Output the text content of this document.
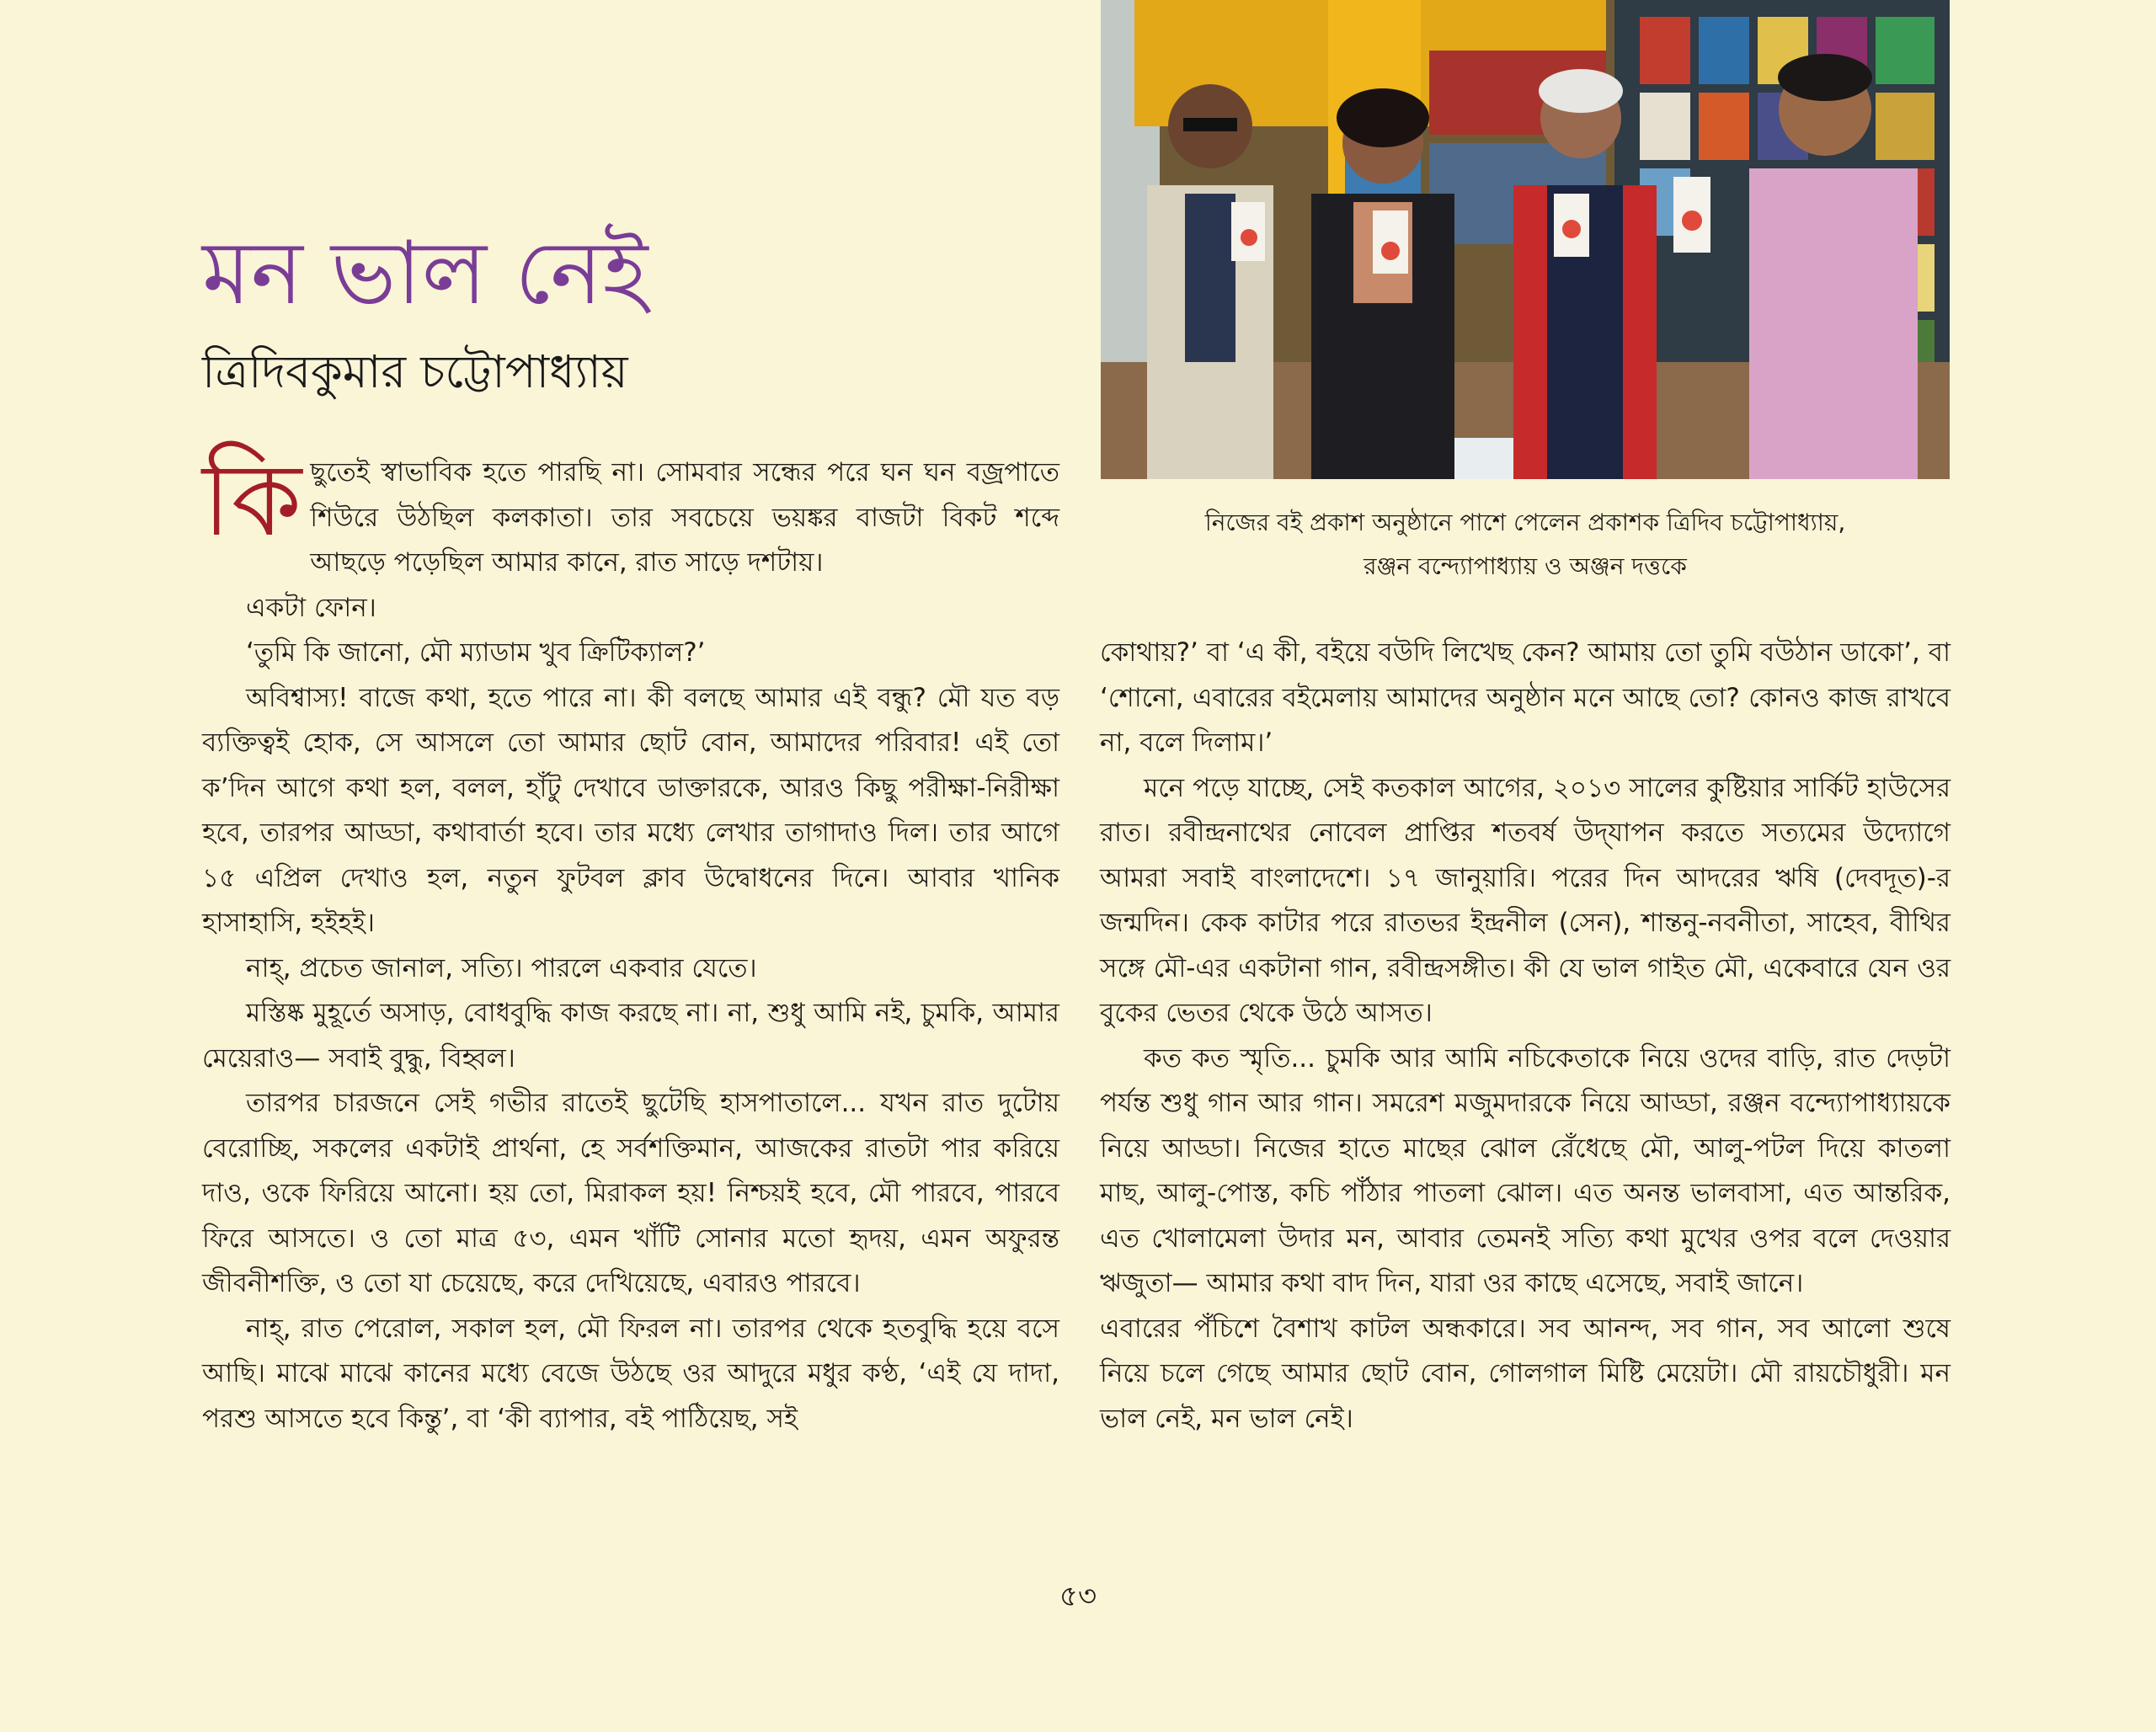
মন ভাল নেই
ত্রিদিবকুমার চট্টোপাধ্যায়

কিছুতেই স্বাভাবিক হতে পারছি না। সোমবার সন্ধের পরে ঘন ঘন বজ্রপাতে শিউরে উঠছিল কলকাতা। তার সবচেয়ে ভয়ঙ্কর বাজটা বিকট শব্দে আছড়ে পড়েছিল আমার কানে, রাত সাড়ে দশটায়।

একটা ফোন।

‘তুমি কি জানো, মৌ ম্যাডাম খুব ক্রিটিক্যাল?’

অবিশ্বাস্য! বাজে কথা, হতে পারে না। কী বলছে আমার এই বন্ধু? মৌ যত বড় ব্যক্তিত্বই হোক, সে আসলে তো আমার ছোট বোন, আমাদের পরিবার! এই তো ক’দিন আগে কথা হল, বলল, হাঁটু দেখাবে ডাক্তারকে, আরও কিছু পরীক্ষা-নিরীক্ষা হবে, তারপর আড্ডা, কথাবার্তা হবে। তার মধ্যে লেখার তাগাদাও দিল। তার আগে ১৫ এপ্রিল দেখাও হল, নতুন ফুটবল ক্লাব উদ্বোধনের দিনে। আবার খানিক হাসাহাসি, হইহই।

নাহ্, প্রচেত জানাল, সত্যি। পারলে একবার যেতে।

মস্তিষ্ক মুহূর্তে অসাড়, বোধবুদ্ধি কাজ করছে না। না, শুধু আমি নই, চুমকি, আমার মেয়েরাও— সবাই বুদ্ধু, বিহ্বল।

তারপর চারজনে সেই গভীর রাতেই ছুটেছি হাসপাতালে... যখন রাত দুটোয় বেরোচ্ছি, সকলের একটাই প্রার্থনা, হে সর্বশক্তিমান, আজকের রাতটা পার করিয়ে দাও, ওকে ফিরিয়ে আনো। হয় তো, মিরাকল হয়! নিশ্চয়ই হবে, মৌ পারবে, পারবে ফিরে আসতে। ও তো মাত্র ৫৩, এমন খাঁটি সোনার মতো হৃদয়, এমন অফুরন্ত জীবনীশক্তি, ও তো যা চেয়েছে, করে দেখিয়েছে, এবারও পারবে।

নাহ্, রাত পেরোল, সকাল হল, মৌ ফিরল না। তারপর থেকে হতবুদ্ধি হয়ে বসে আছি। মাঝে মাঝে কানের মধ্যে বেজে উঠছে ওর আদুরে মধুর কণ্ঠ, ‘এই যে দাদা, পরশু আসতে হবে কিন্তু’, বা ‘কী ব্যাপার, বই পাঠিয়েছ, সই

নিজের বই প্রকাশ অনুষ্ঠানে পাশে পেলেন প্রকাশক ত্রিদিব চট্টোপাধ্যায়,
রঞ্জন বন্দ্যোপাধ্যায় ও অঞ্জন দত্তকে

কোথায়?’ বা ‘এ কী, বইয়ে বউদি লিখেছ কেন? আমায় তো তুমি বউঠান ডাকো’, বা ‘শোনো, এবারের বইমেলায় আমাদের অনুষ্ঠান মনে আছে তো? কোনও কাজ রাখবে না, বলে দিলাম।’

মনে পড়ে যাচ্ছে, সেই কতকাল আগের, ২০১৩ সালের কুষ্টিয়ার সার্কিট হাউসের রাত। রবীন্দ্রনাথের নোবেল প্রাপ্তির শতবর্ষ উদ্‌যাপন করতে সত্যমের উদ্যোগে আমরা সবাই বাংলাদেশে। ১৭ জানুয়ারি। পরের দিন আদরের ঋষি (দেবদূত)-র জন্মদিন। কেক কাটার পরে রাতভর ইন্দ্রনীল (সেন), শান্তনু-নবনীতা, সাহেব, বীথির সঙ্গে মৌ-এর একটানা গান, রবীন্দ্রসঙ্গীত। কী যে ভাল গাইত মৌ, একেবারে যেন ওর বুকের ভেতর থেকে উঠে আসত।

কত কত স্মৃতি... চুমকি আর আমি নচিকেতাকে নিয়ে ওদের বাড়ি, রাত দেড়টা পর্যন্ত শুধু গান আর গান। সমরেশ মজুমদারকে নিয়ে আড্ডা, রঞ্জন বন্দ্যোপাধ্যায়কে নিয়ে আড্ডা। নিজের হাতে মাছের ঝোল রেঁধেছে মৌ, আলু-পটল দিয়ে কাতলা মাছ, আলু-পোস্ত, কচি পাঁঠার পাতলা ঝোল। এত অনন্ত ভালবাসা, এত আন্তরিক, এত খোলামেলা উদার মন, আবার তেমনই সত্যি কথা মুখের ওপর বলে দেওয়ার ঋজুতা— আমার কথা বাদ দিন, যারা ওর কাছে এসেছে, সবাই জানে।

এবারের পঁচিশে বৈশাখ কাটল অন্ধকারে। সব আনন্দ, সব গান, সব আলো শুষে নিয়ে চলে গেছে আমার ছোট বোন, গোলগাল মিষ্টি মেয়েটা। মৌ রায়চৌধুরী। মন ভাল নেই, মন ভাল নেই।

৫৩
